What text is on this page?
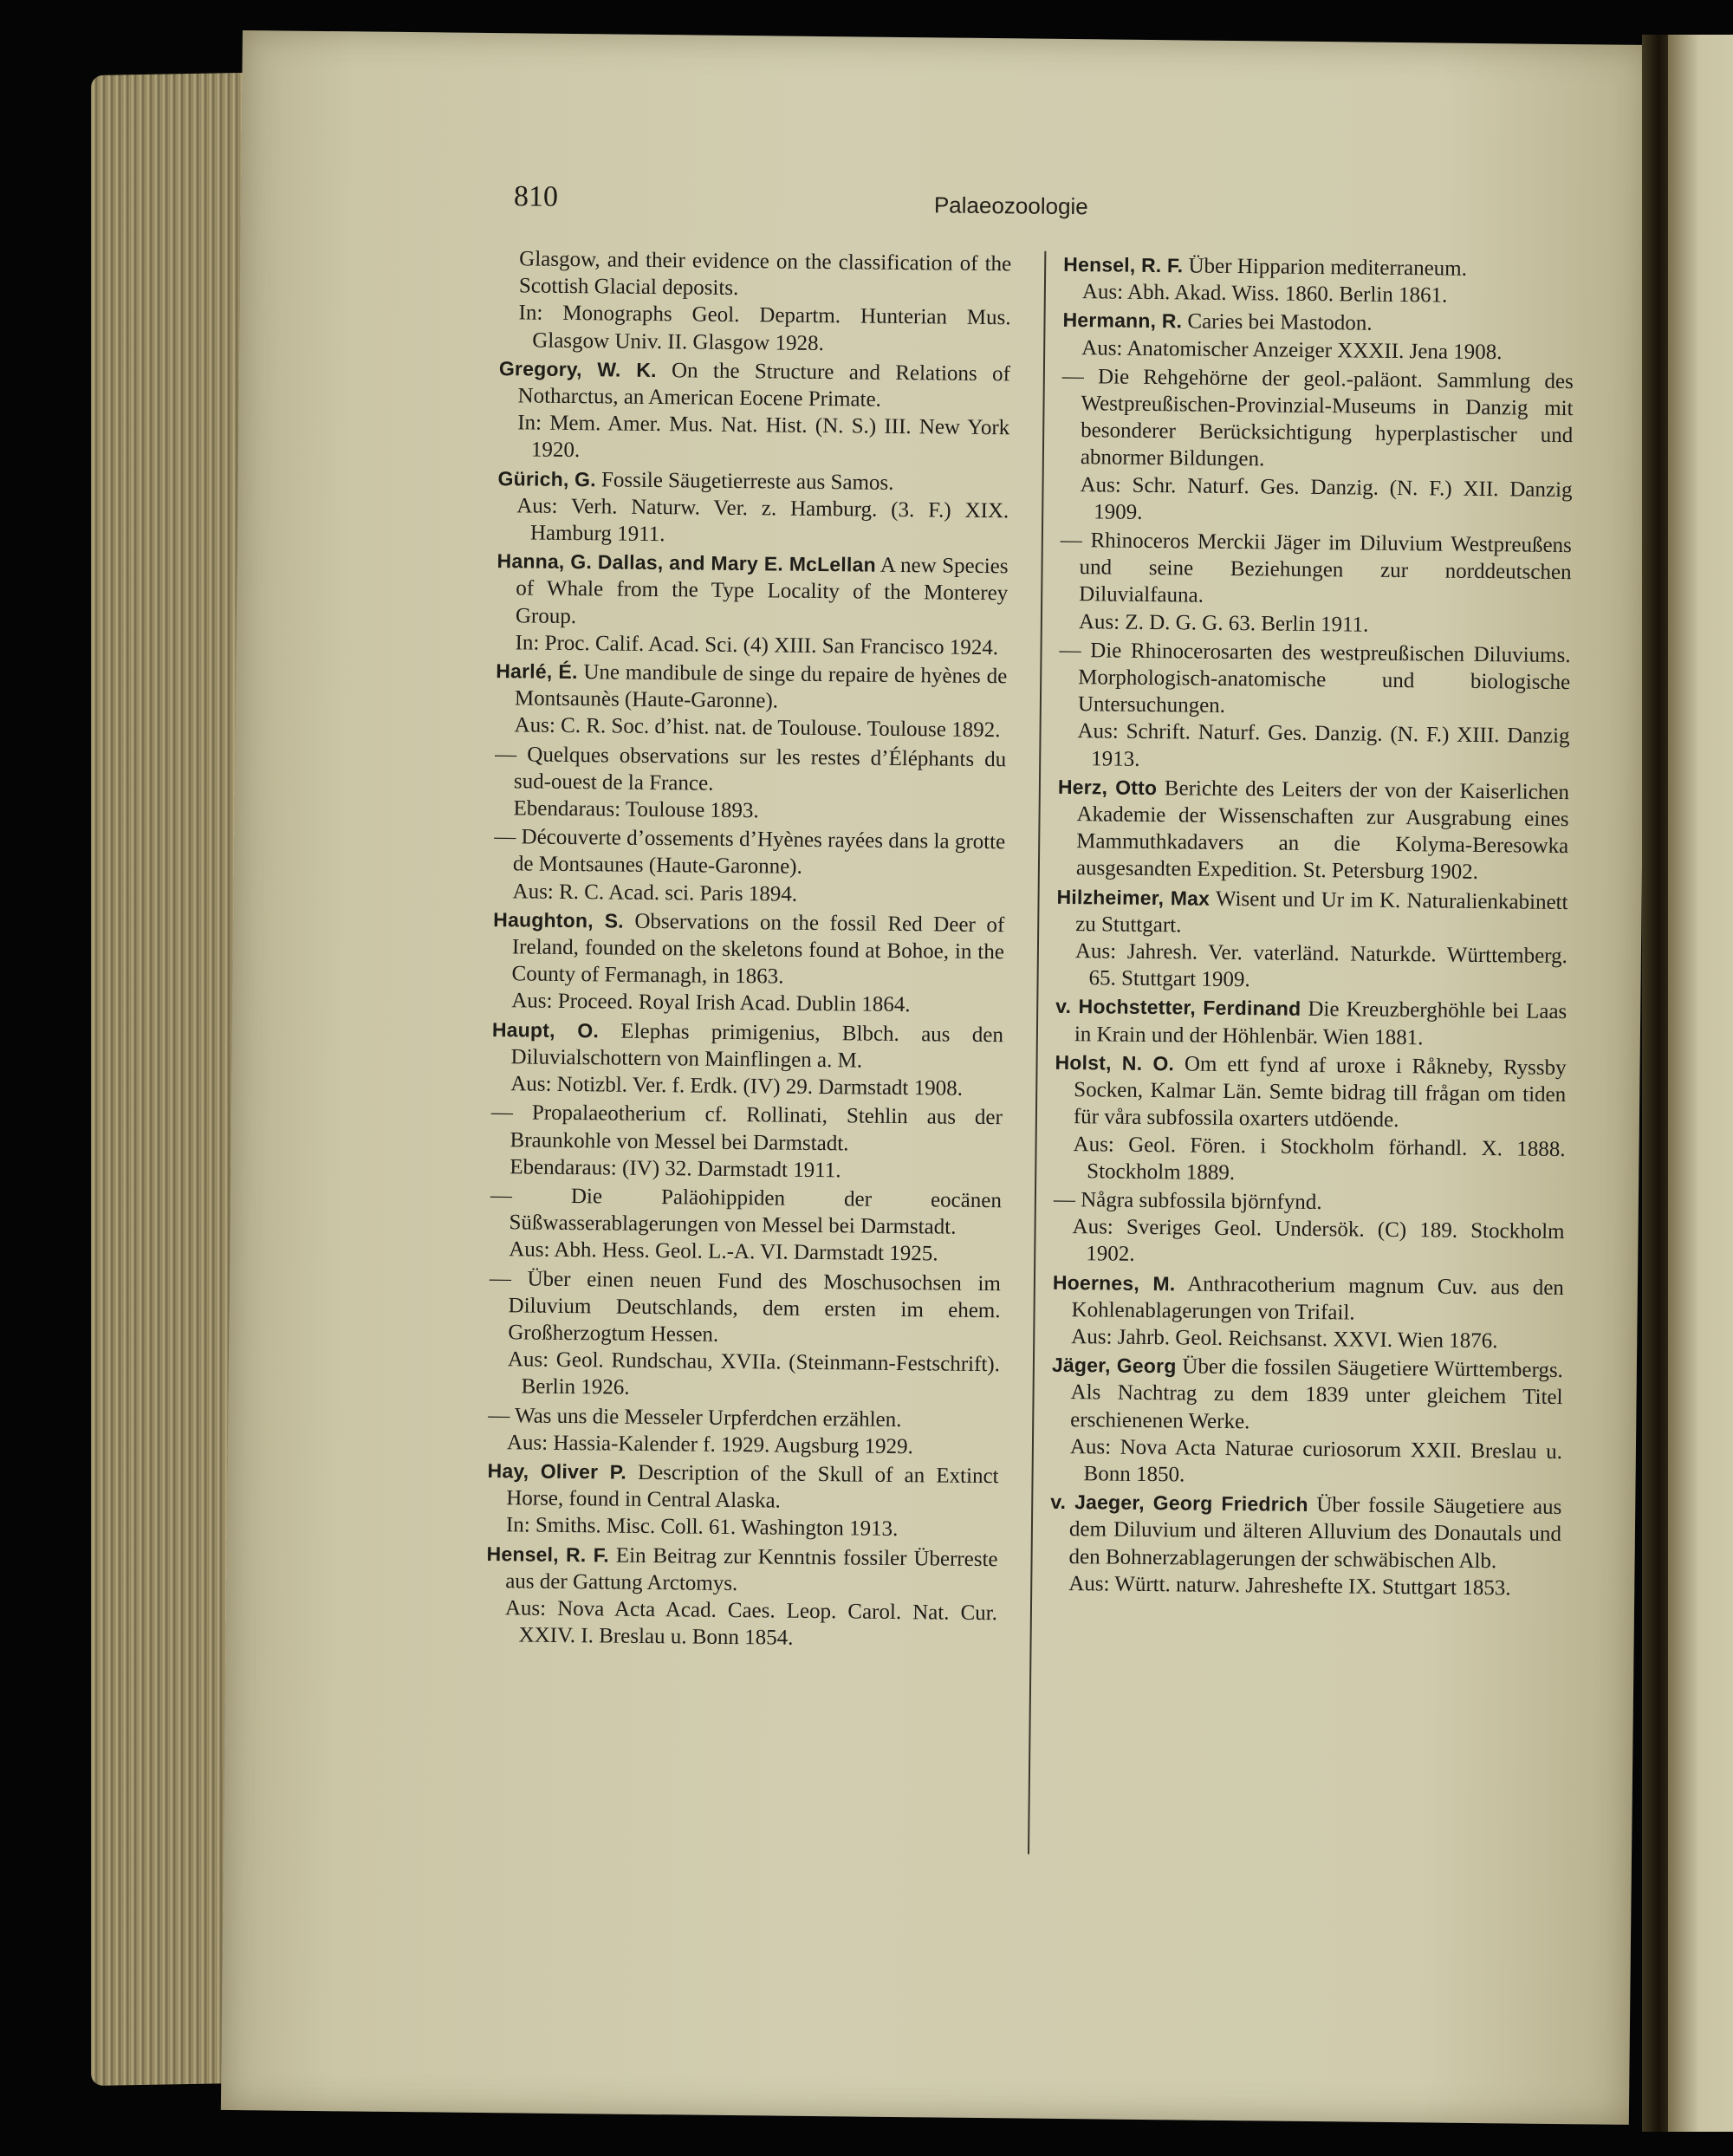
810	Palaeozoologie
Glasgow, and their evidence on the classification of the Scottish Glacial deposits.
In: Monographs Geol. Departm. Hunterian Mus. Glasgow Univ. II. Glasgow 1928.
Gregory, W. K. On the Structure and Relations of Notharctus, an American Eocene Primate.
In: Mem. Amer. Mus. Nat. Hist. (N. S.) III. New York 1920.
Gürich, G. Fossile Säugetierreste aus Samos.
Aus: Verh. Naturw. Ver. z. Hamburg. (3. F.) XIX. Hamburg 1911.
Hanna, G. Dallas, and Mary E. McLellan A new Species of Whale from the Type Locality of the Monterey Group.
In: Proc. Calif. Acad. Sci. (4) XIII. San Francisco 1924.
Harlé, É. Une mandibule de singe du repaire de hyènes de Montsaunès (Haute-Garonne).
Aus: C. R. Soc. d’hist. nat. de Toulouse. Toulouse 1892.
— Quelques observations sur les restes d’Éléphants du sud-ouest de la France.
Ebendaraus: Toulouse 1893.
— Découverte d’ossements d’Hyènes rayées dans la grotte de Montsaunes (Haute-Garonne).
Aus: R. C. Acad. sci. Paris 1894.
Haughton, S. Observations on the fossil Red Deer of Ireland, founded on the skeletons found at Bohoe, in the County of Fermanagh, in 1863.
Aus: Proceed. Royal Irish Acad. Dublin 1864.
Haupt, O. Elephas primigenius, Blbch. aus den Diluvialschottern von Mainflingen a. M.
Aus: Notizbl. Ver. f. Erdk. (IV) 29. Darmstadt 1908.
— Propalaeotherium cf. Rollinati, Stehlin aus der Braunkohle von Messel bei Darmstadt.
Ebendaraus: (IV) 32. Darmstadt 1911.
— Die Paläohippiden der eocänen Süßwasserablagerungen von Messel bei Darmstadt.
Aus: Abh. Hess. Geol. L.-A. VI. Darmstadt 1925.
— Über einen neuen Fund des Moschusochsen im Diluvium Deutschlands, dem ersten im ehem. Großherzogtum Hessen.
Aus: Geol. Rundschau, XVIIa. (Steinmann-Festschrift). Berlin 1926.
— Was uns die Messeler Urpferdchen erzählen.
Aus: Hassia-Kalender f. 1929. Augsburg 1929.
Hay, Oliver P. Description of the Skull of an Extinct Horse, found in Central Alaska.
In: Smiths. Misc. Coll. 61. Washington 1913.
Hensel, R. F. Ein Beitrag zur Kenntnis fossiler Überreste aus der Gattung Arctomys.
Aus: Nova Acta Acad. Caes. Leop. Carol. Nat. Cur. XXIV. I. Breslau u. Bonn 1854.
Hensel, R. F. Über Hipparion mediterraneum.
Aus: Abh. Akad. Wiss. 1860. Berlin 1861.
Hermann, R. Caries bei Mastodon.
Aus: Anatomischer Anzeiger XXXII. Jena 1908.
— Die Rehgehörne der geol.-paläont. Sammlung des Westpreußischen-Provinzial-Museums in Danzig mit besonderer Berücksichtigung hyperplastischer und abnormer Bildungen.
Aus: Schr. Naturf. Ges. Danzig. (N. F.) XII. Danzig 1909.
— Rhinoceros Merckii Jäger im Diluvium Westpreußens und seine Beziehungen zur norddeutschen Diluvialfauna.
Aus: Z. D. G. G. 63. Berlin 1911.
— Die Rhinocerosarten des westpreußischen Diluviums. Morphologisch-anatomische und biologische Untersuchungen.
Aus: Schrift. Naturf. Ges. Danzig. (N. F.) XIII. Danzig 1913.
Herz, Otto Berichte des Leiters der von der Kaiserlichen Akademie der Wissenschaften zur Ausgrabung eines Mammuthkadavers an die Kolyma-Beresowka ausgesandten Expedition. St. Petersburg 1902.
Hilzheimer, Max Wisent und Ur im K. Naturalienkabinett zu Stuttgart.
Aus: Jahresh. Ver. vaterländ. Naturkde. Württemberg. 65. Stuttgart 1909.
v. Hochstetter, Ferdinand Die Kreuzberghöhle bei Laas in Krain und der Höhlenbär. Wien 1881.
Holst, N. O. Om ett fynd af uroxe i Råkneby, Ryssby Socken, Kalmar Län. Semte bidrag till frågan om tiden für våra subfossila oxarters utdöende.
Aus: Geol. Fören. i Stockholm förhandl. X. 1888. Stockholm 1889.
— Några subfossila björnfynd.
Aus: Sveriges Geol. Undersök. (C) 189. Stockholm 1902.
Hoernes, M. Anthracotherium magnum Cuv. aus den Kohlenablagerungen von Trifail.
Aus: Jahrb. Geol. Reichsanst. XXVI. Wien 1876.
Jäger, Georg Über die fossilen Säugetiere Württembergs. Als Nachtrag zu dem 1839 unter gleichem Titel erschienenen Werke.
Aus: Nova Acta Naturae curiosorum XXII. Breslau u. Bonn 1850.
v. Jaeger, Georg Friedrich Über fossile Säugetiere aus dem Diluvium und älteren Alluvium des Donautals und den Bohnerzablagerungen der schwäbischen Alb.
Aus: Württ. naturw. Jahreshefte IX. Stuttgart 1853.
